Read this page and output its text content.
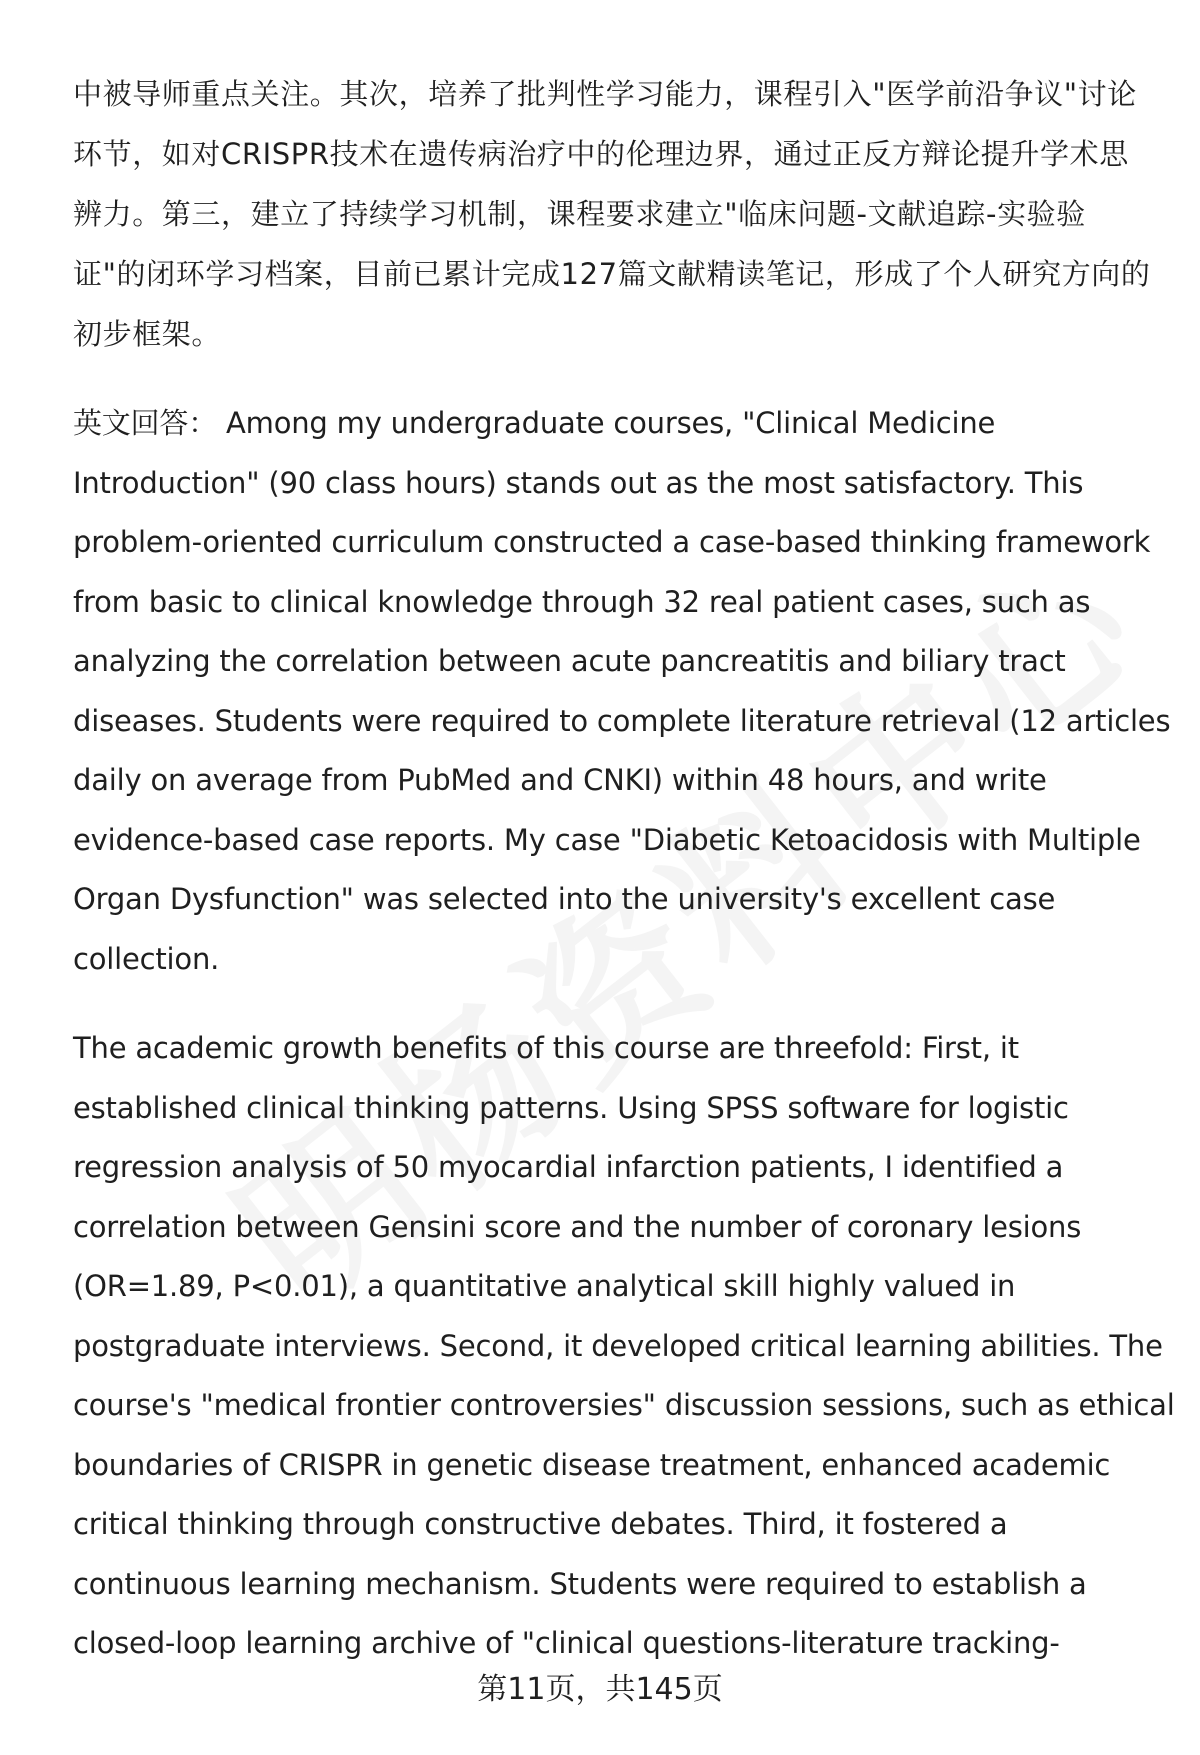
中被导师重点关注。其次，培养了批判性学习能力，课程引入"医学前沿争议"讨论
环节，如对CRISPR技术在遗传病治疗中的伦理边界，通过正反方辩论提升学术思
辨力。第三，建立了持续学习机制，课程要求建立"临床问题-文献追踪-实验验
证"的闭环学习档案，目前已累计完成127篇文献精读笔记，形成了个人研究方向的
初步框架。

英文回答： Among my undergraduate courses, "Clinical Medicine
Introduction" (90 class hours) stands out as the most satisfactory. This
problem-oriented curriculum constructed a case-based thinking framework
from basic to clinical knowledge through 32 real patient cases, such as
analyzing the correlation between acute pancreatitis and biliary tract
diseases. Students were required to complete literature retrieval (12 articles
daily on average from PubMed and CNKI) within 48 hours, and write
evidence-based case reports. My case "Diabetic Ketoacidosis with Multiple
Organ Dysfunction" was selected into the university's excellent case
collection.

The academic growth benefits of this course are threefold: First, it
established clinical thinking patterns. Using SPSS software for logistic
regression analysis of 50 myocardial infarction patients, I identified a
correlation between Gensini score and the number of coronary lesions
(OR=1.89, P<0.01), a quantitative analytical skill highly valued in
postgraduate interviews. Second, it developed critical learning abilities. The
course's "medical frontier controversies" discussion sessions, such as ethical
boundaries of CRISPR in genetic disease treatment, enhanced academic
critical thinking through constructive debates. Third, it fostered a
continuous learning mechanism. Students were required to establish a
closed-loop learning archive of "clinical questions-literature tracking-

第11页，共145页
